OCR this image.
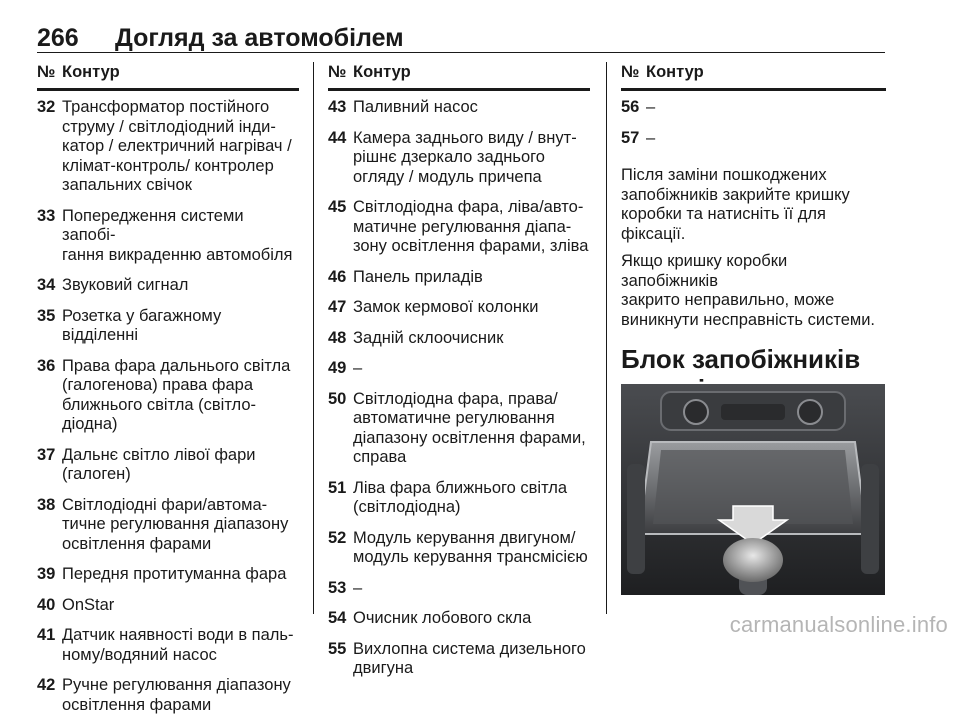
266	Догляд за автомобілем
№ Контур
32 Трансформатор постійного
струму / світлодіодний інди-
катор / електричний нагрівач /
клімат-контроль/ контролер
запальних свічок
33 Попередження системи запобі-
гання викраденню автомобіля
34 Звуковий сигнал
35 Розетка у багажному відділенні
36 Права фара дальнього світла
(галогенова) права фара
ближнього світла (світло-
діодна)
37 Дальнє світло лівої фари
(галоген)
38 Світлодіодні фари/автома-
тичне регулювання діапазону
освітлення фарами
39 Передня протитуманна фара
40 OnStar
41 Датчик наявності води в паль-
ному/водяний насос
42 Ручне регулювання діапазону
освітлення фарами
№ Контур
43 Паливний насос
44 Камера заднього виду / внут-
рішнє дзеркало заднього
огляду / модуль причепа
45 Світлодіодна фара, ліва/авто-
матичне регулювання діапа-
зону освітлення фарами, зліва
46 Панель приладів
47 Замок кермової колонки
48 Задній склоочисник
49 –
50 Світлодіодна фара, права/
автоматичне регулювання
діапазону освітлення фарами,
справа
51 Ліва фара ближнього світла
(світлодіодна)
52 Модуль керування двигуном/
модуль керування трансмісією
53 –
54 Очисник лобового скла
55 Вихлопна система дизельного
двигуна
№ Контур
56 –
57 –

Після заміни пошкоджених
запобіжників закрийте кришку
коробки та натисніть її для фіксації.

Якщо кришку коробки запобіжників
закрито неправильно, може
виникнути несправність системи.

Блок запобіжників

carmanualsonline.info
